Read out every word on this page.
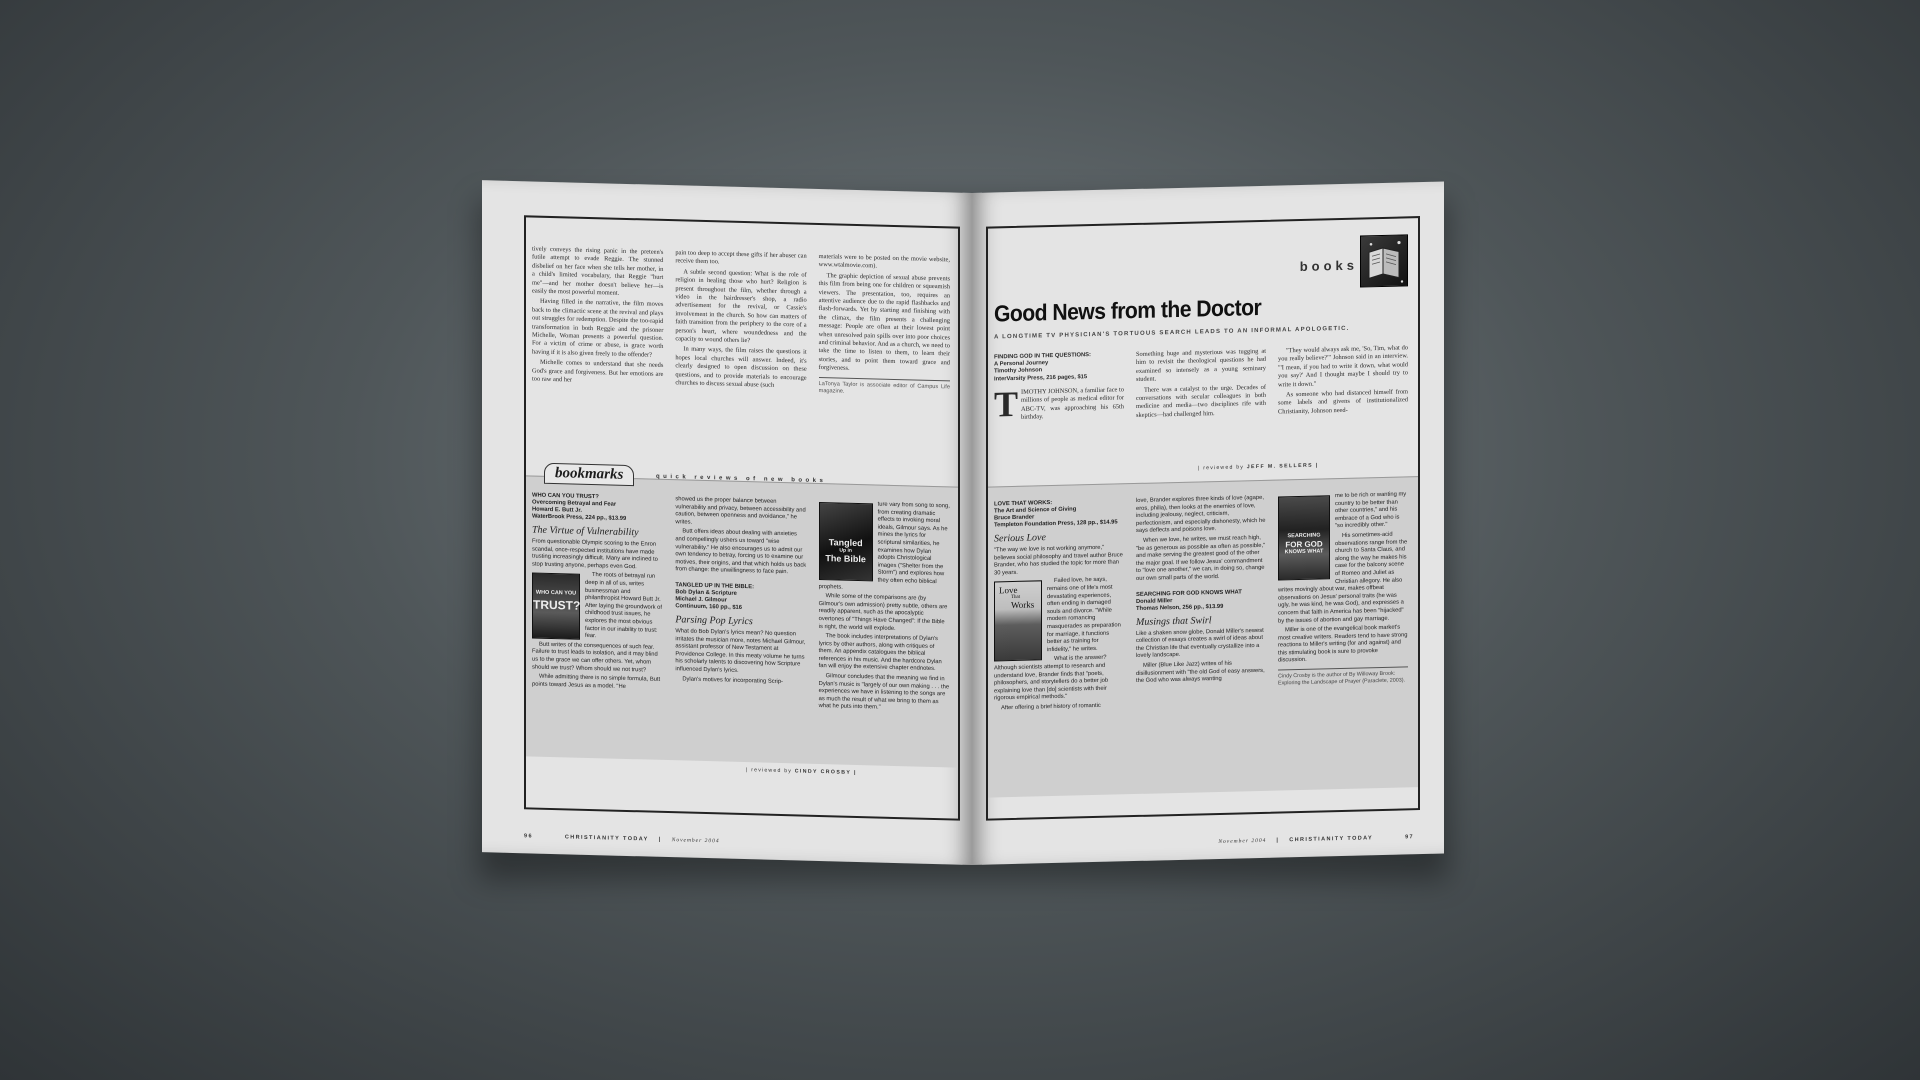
tively conveys the rising panic in the preteen's futile attempt to evade Reggie. The stunned disbelief on her face when she tells her mother, in a child's limited vocabulary, that Reggie "hurt me"—and her mother doesn't believe her—is easily the most powerful moment.

Having filled in the narrative, the film moves back to the climactic scene at the revival and plays out struggles for redemption. Despite the too-rapid transformation in both Reggie and the prisoner Michelle, Woman presents a powerful question. For a victim of crime or abuse, is grace worth having if it is also given freely to the offender?

Michelle comes to understand that she needs God's grace and forgiveness. But her emotions are too raw and her

pain too deep to accept these gifts if her abuser can receive them too.

A subtle second question: What is the role of religion in healing those who hurt? Religion is present throughout the film, whether through a video in the hairdresser's shop, a radio advertisement for the revival, or Cassie's involvement in the church. So how can matters of faith transition from the periphery to the core of a person's heart, where woundedness and the capacity to wound others lie?

In many ways, the film raises the questions it hopes local churches will answer. Indeed, it's clearly designed to open discussion on these questions, and to provide materials to encourage churches to discuss sexual abuse (such

materials were to be posted on the movie website, www.wtalmovie.com).

The graphic depiction of sexual abuse prevents this film from being one for children or squeamish viewers. The presentation, too, requires an attentive audience due to the rapid flashbacks and flash-forwards. Yet by starting and finishing with the climax, the film presents a challenging message: People are often at their lowest point when unresolved pain spills over into poor choices and criminal behavior. And as a church, we need to take the time to listen to them, to learn their stories, and to point them toward grace and forgiveness.

LaTonya Taylor is associate editor of Campus Life magazine.
bookmarks	quick reviews of new books

WHO CAN YOU TRUST?
Overcoming Betrayal and Fear
Howard E. Butt Jr.
WaterBrook Press, 224 pp., $13.99

The Virtue of Vulnerability

From questionable Olympic scoring to the Enron scandal, once-respected institutions have made trusting increasingly difficult. Many are inclined to stop trusting anyone, perhaps even God.

WHO CAN YOU
TRUST?

The roots of betrayal run deep in all of us, writes businessman and philanthropist Howard Butt Jr. After laying the groundwork of childhood trust issues, he explores the most obvious factor in our inability to trust: fear.

Butt writes of the consequences of such fear. Failure to trust leads to isolation, and it may blind us to the grace we can offer others. Yet, whom should we trust? Whom should we not trust?

While admitting there is no simple formula, Butt points toward Jesus as a model. "He

showed us the proper balance between vulnerability and privacy, between accessibility and caution, between openness and avoidance," he writes.

Butt offers ideas about dealing with anxieties and compellingly ushers us toward "wise vulnerability." He also encourages us to admit our own tendency to betray, forcing us to examine our motives, their origins, and that which holds us back from change: the unwillingness to face pain.

TANGLED UP IN THE BIBLE:
Bob Dylan & Scripture
Michael J. Gilmour
Continuum, 160 pp., $16

Parsing Pop Lyrics

What do Bob Dylan's lyrics mean? No question irritates the musician more, notes Michael Gilmour, assistant professor of New Testament at Providence College. In this meaty volume he turns his scholarly talents to discovering how Scripture influenced Dylan's lyrics.

Dylan's motives for incorporating Scrip-

Tangled
Up in
The Bible

ture vary from song to song, from creating dramatic effects to invoking moral ideals, Gilmour says. As he mines the lyrics for scriptural similarities, he examines how Dylan adopts Christological images ("Shelter from the Storm") and explores how they often echo biblical prophets.

While some of the comparisons are (by Gilmour's own admission) pretty subtle, others are readily apparent, such as the apocalyptic overtones of "Things Have Changed": If the Bible is right, the world will explode.

The book includes interpretations of Dylan's lyrics by other authors, along with critiques of them. An appendix catalogues the biblical references in his music. And the hardcore Dylan fan will enjoy the extensive chapter endnotes.

Gilmour concludes that the meaning we find in Dylan's music is "largely of our own making . . . the experiences we have in listening to the songs are as much the result of what we bring to them as what he puts into them."

| reviewed by CINDY CROSBY |
96	CHRISTIANITY TODAY | November 2004
books
Good News from the Doctor
A LONGTIME TV PHYSICIAN'S TORTUOUS SEARCH LEADS TO AN INFORMAL APOLOGETIC.

FINDING GOD IN THE QUESTIONS:
A Personal Journey
Timothy Johnson
InterVarsity Press, 216 pages, $15

T IMOTHY JOHNSON, a familiar face to millions of people as medical editor for ABC-TV, was approaching his 65th birthday.

Something huge and mysterious was tugging at him to revisit the theological questions he had examined so intensely as a young seminary student.

There was a catalyst to the urge. Decades of conversations with secular colleagues in both medicine and media—two disciplines rife with skeptics—had challenged him.

"They would always ask me, 'So, Tim, what do you really believe?'" Johnson said in an interview. "'I mean, if you had to write it down, what would you say?' And I thought maybe I should try to write it down."

As someone who had distanced himself from some labels and givens of institutionalized Christianity, Johnson need-

| reviewed by JEFF M. SELLERS |

LOVE THAT WORKS:
The Art and Science of Giving
Bruce Brander
Templeton Foundation Press, 128 pp., $14.95

Serious Love

"The way we love is not working anymore," believes social philosophy and travel author Bruce Brander, who has studied the topic for more than 30 years.

Love
That
Works

Failed love, he says, remains one of life's most devastating experiences, often ending in damaged souls and divorce. "While modern romancing masquerades as preparation for marriage, it functions better as training for infidelity," he writes.

What is the answer? Although scientists attempt to research and understand love, Brander finds that "poets, philosophers, and storytellers do a better job explaining love than [do] scientists with their rigorous empirical methods."

After offering a brief history of romantic

love, Brander explores three kinds of love (agape, eros, philia), then looks at the enemies of love, including jealousy, neglect, criticism, perfectionism, and especially dishonesty, which he says deflects and poisons love.

When we love, he writes, we must reach high, "be as generous as possible as often as possible," and make serving the greatest good of the other the major goal. If we follow Jesus' commandment to "love one another," we can, in doing so, change our own small parts of the world.

SEARCHING FOR GOD KNOWS WHAT
Donald Miller
Thomas Nelson, 256 pp., $13.99

Musings that Swirl

Like a shaken snow globe, Donald Miller's newest collection of essays creates a swirl of ideas about the Christian life that eventually crystallize into a lovely landscape.

Miller (Blue Like Jazz) writes of his disillusionment with "the old God of easy answers, the God who was always wanting

SEARCHING
FOR GOD
KNOWS WHAT

me to be rich or wanting my country to be better than other countries," and his embrace of a God who is "so incredibly other."

His sometimes-acid observations range from the church to Santa Claus, and along the way he makes his case for the balcony scene of Romeo and Juliet as Christian allegory. He also writes movingly about war, makes offbeat observations on Jesus' personal traits (he was ugly, he was kind, he was God), and expresses a concern that faith in America has been "hijacked" by the issues of abortion and gay marriage.

Miller is one of the evangelical book market's most creative writers. Readers tend to have strong reactions to Miller's writing (for and against) and this stimulating book is sure to provoke discussion.

Cindy Crosby is the author of By Willoway Brook: Exploring the Landscape of Prayer (Paraclete, 2003).
November 2004 | CHRISTIANITY TODAY	97
